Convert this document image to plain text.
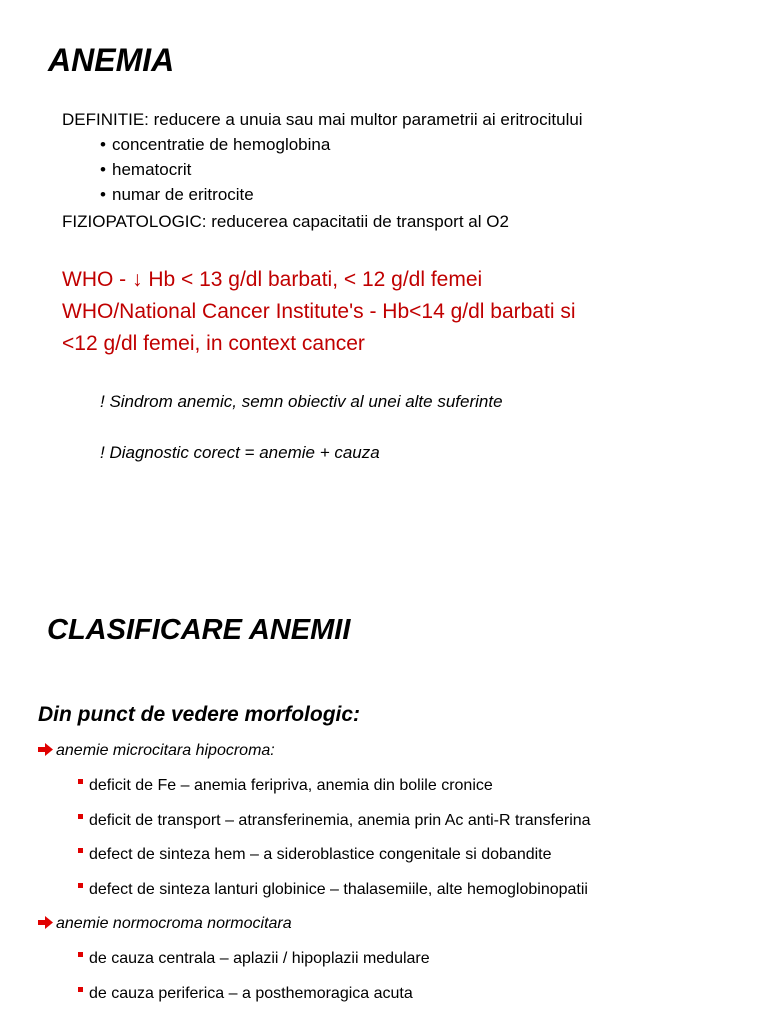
ANEMIA
DEFINITIE: reducere a unuia sau mai multor parametrii ai eritrocitului
• concentratie de hemoglobina
• hematocrit
• numar de eritrocite
FIZIOPATOLOGIC: reducerea capacitatii de transport al O2
WHO - ↓ Hb < 13 g/dl barbati, < 12 g/dl femei
WHO/National Cancer Institute's - Hb<14 g/dl barbati si
<12 g/dl femei, in context cancer
! Sindrom anemic, semn obiectiv al unei alte suferinte
! Diagnostic corect = anemie + cauza
CLASIFICARE ANEMII
Din punct de vedere morfologic:
anemie microcitara hipocroma:
deficit de Fe – anemia feripriva, anemia din bolile cronice
deficit de transport – atransferinemia, anemia prin Ac anti-R transferina
defect de sinteza hem – a sideroblastice congenitale si dobandite
defect de sinteza lanturi globinice – thalasemiile, alte hemoglobinopatii
anemie normocroma normocitara
de cauza centrala – aplazii / hipoplazii medulare
de cauza periferica – a posthemoragica acuta
